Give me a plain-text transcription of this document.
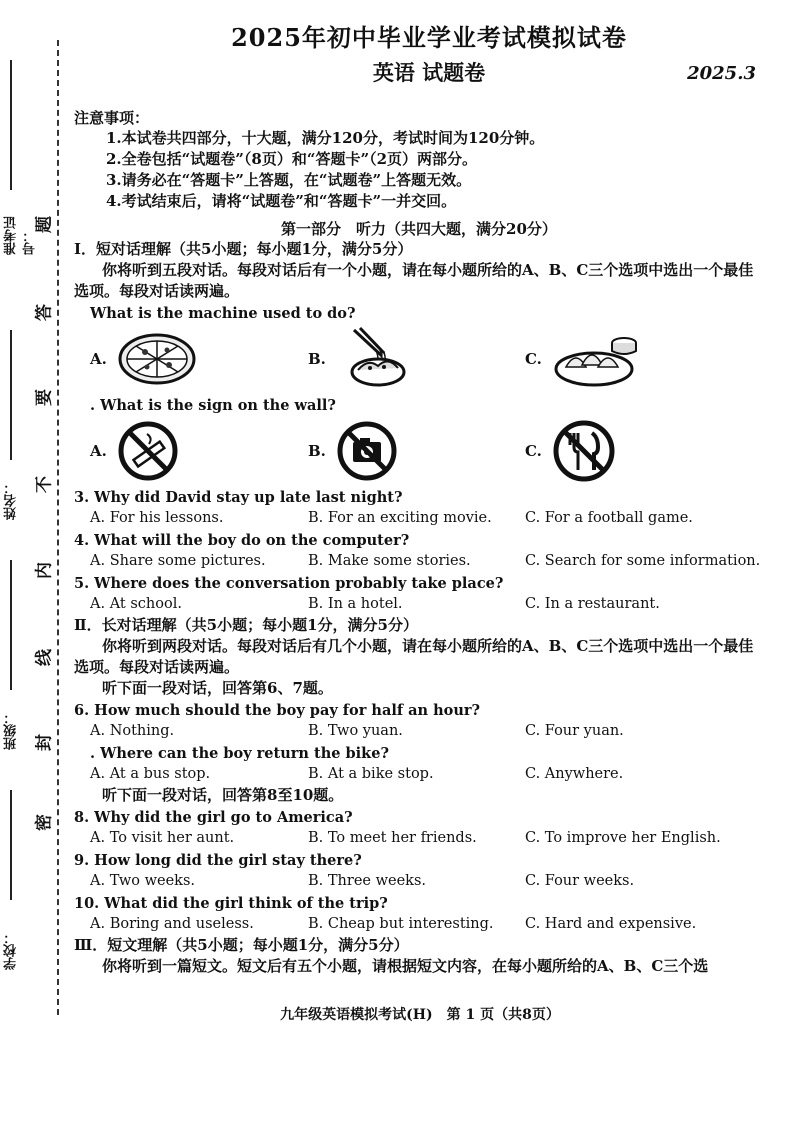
准考证号：
姓名：
班级：
学校：
密
封
线
内
不
要
答
题
2025年初中毕业学业考试模拟试卷
英语 试题卷	2025.3
注意事项：
1.本试卷共四部分，十大题，满分120分，考试时间为120分钟。
2.全卷包括“试题卷”（8页）和“答题卡”（2页）两部分。
3.请务必在“答题卡”上答题，在“试题卷”上答题无效。
4.考试结束后，请将“试题卷”和“答题卡”一并交回。
第一部分　听力（共四大题，满分20分）
Ⅰ．短对话理解（共5小题；每小题1分，满分5分）
你将听到五段对话。每段对话后有一个小题，请在每小题所给的A、B、C三个选项中选出一个最佳选项。每段对话读两遍。
What is the machine used to do?
A.	B.	C.
. What is the sign on the wall?
A.	B.	C.
3. Why did David stay up late last night?
A. For his lessons.	B. For an exciting movie.	C. For a football game.
4. What will the boy do on the computer?
A. Share some pictures.	B. Make some stories.	C. Search for some information.
5. Where does the conversation probably take place?
A. At school.	B. In a hotel.	C. In a restaurant.
Ⅱ．长对话理解（共5小题；每小题1分，满分5分）
你将听到两段对话。每段对话后有几个小题，请在每小题所给的A、B、C三个选项中选出一个最佳选项。每段对话读两遍。
听下面一段对话，回答第6、7题。
6. How much should the boy pay for half an hour?
A. Nothing.	B. Two yuan.	C. Four yuan.
. Where can the boy return the bike?
A. At a bus stop.	B. At a bike stop.	C. Anywhere.
听下面一段对话，回答第8至10题。
8. Why did the girl go to America?
A. To visit her aunt.	B. To meet her friends.	C. To improve her English.
9. How long did the girl stay there?
A. Two weeks.	B. Three weeks.	C. Four weeks.
10. What did the girl think of the trip?
A. Boring and useless.	B. Cheap but interesting.	C. Hard and expensive.
Ⅲ．短文理解（共5小题；每小题1分，满分5分）
你将听到一篇短文。短文后有五个小题，请根据短文内容，在每小题所给的A、B、C三个选
九年级英语模拟考试(H)　第 1 页（共8页）
